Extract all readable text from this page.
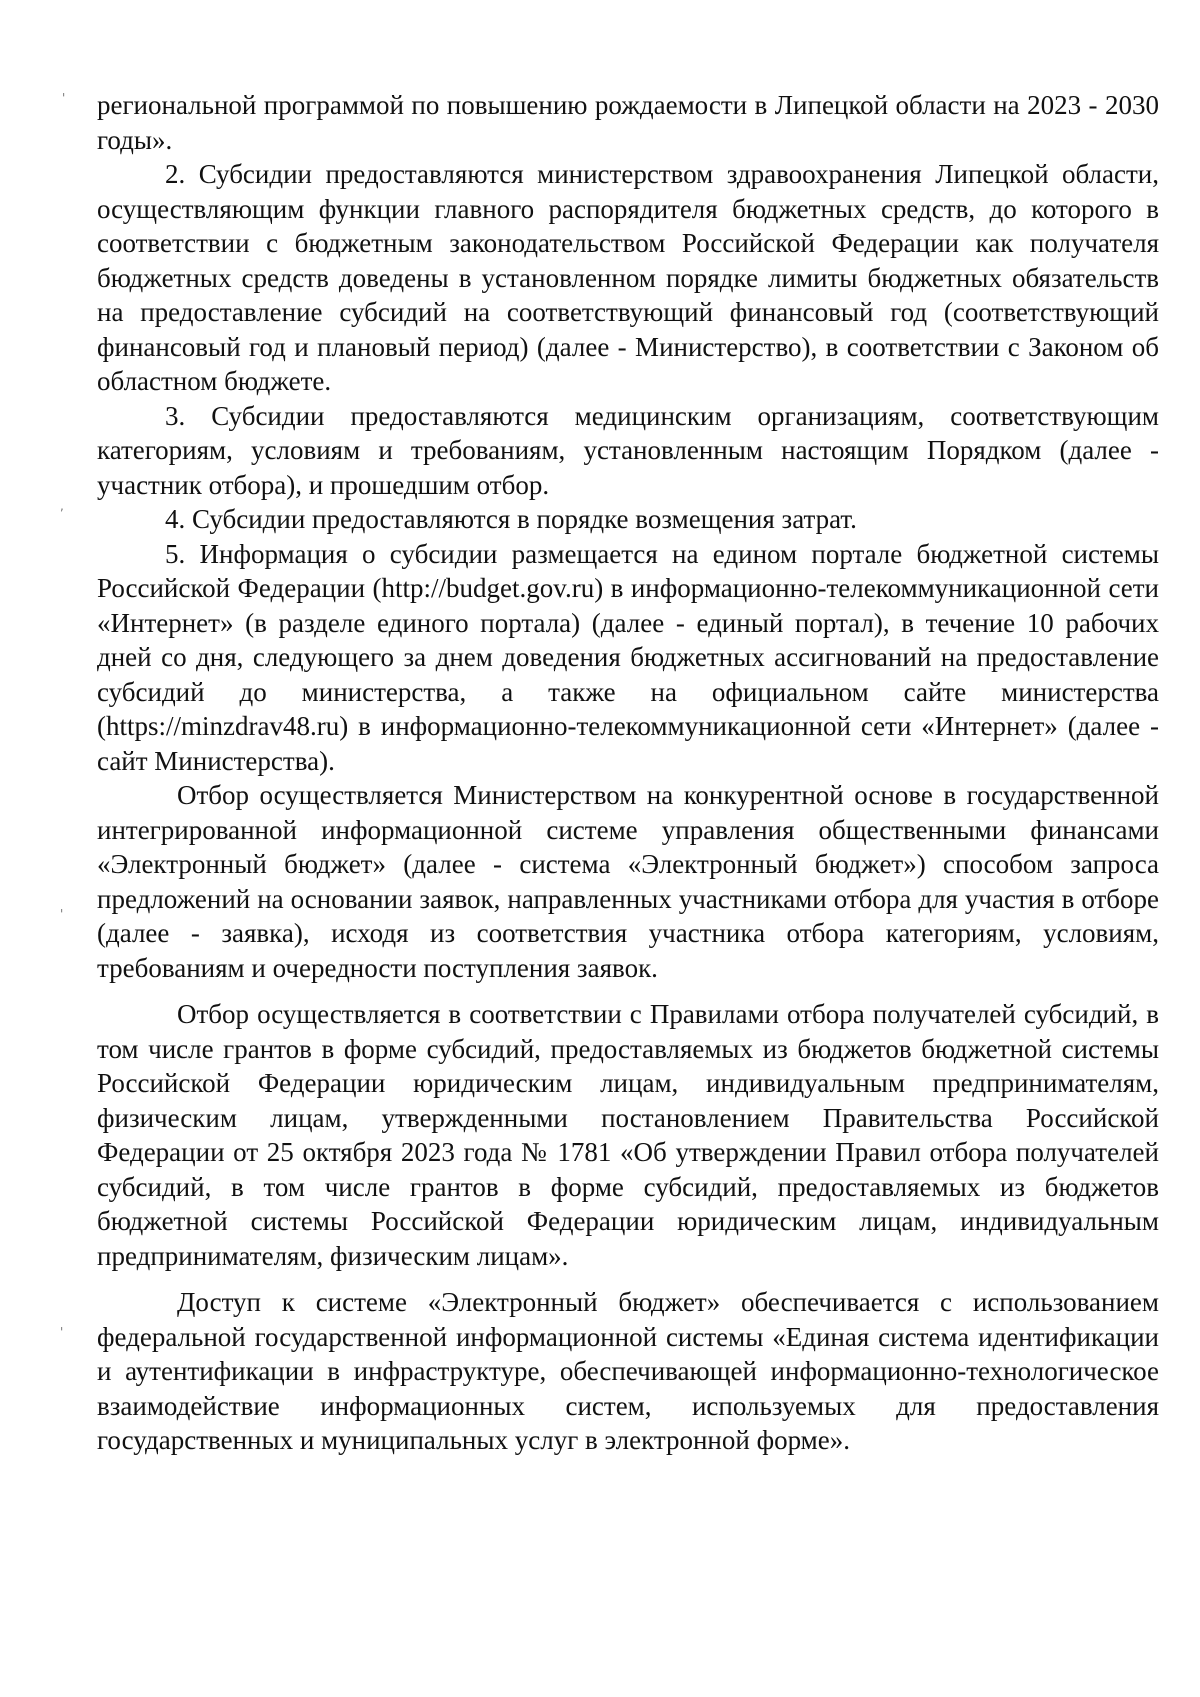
'
,
'
'

региональной программой по повышению рождаемости в Липецкой области на 2023 - 2030 годы».

2. Субсидии предоставляются министерством здравоохранения Липецкой области, осуществляющим функции главного распорядителя бюджетных средств, до которого в соответствии с бюджетным законодательством Российской Федерации как получателя бюджетных средств доведены в установленном порядке лимиты бюджетных обязательств на предоставление субсидий на соответствующий финансовый год (соответствующий финансовый год и плановый период) (далее - Министерство), в соответствии с Законом об областном бюджете.

3. Субсидии предоставляются медицинским организациям, соответствующим категориям, условиям и требованиям, установленным настоящим Порядком (далее - участник отбора), и прошедшим отбор.

4. Субсидии предоставляются в порядке возмещения затрат.

5. Информация о субсидии размещается на едином портале бюджетной системы Российской Федерации (http://budget.gov.ru) в информационно-телекоммуникационной сети «Интернет» (в разделе единого портала) (далее - единый портал), в течение 10 рабочих дней со дня, следующего за днем доведения бюджетных ассигнований на предоставление субсидий до министерства, а также на официальном сайте министерства (https://minzdrav48.ru) в информационно-телекоммуникационной сети «Интернет» (далее - сайт Министерства).

Отбор осуществляется Министерством на конкурентной основе в государственной интегрированной информационной системе управления общественными финансами «Электронный бюджет» (далее - система «Электронный бюджет») способом запроса предложений на основании заявок, направленных участниками отбора для участия в отборе (далее - заявка), исходя из соответствия участника отбора категориям, условиям, требованиям и очередности поступления заявок.

Отбор осуществляется в соответствии с Правилами отбора получателей субсидий, в том числе грантов в форме субсидий, предоставляемых из бюджетов бюджетной системы Российской Федерации юридическим лицам, индивидуальным предпринимателям, физическим лицам, утвержденными постановлением Правительства Российской Федерации от 25 октября 2023 года № 1781 «Об утверждении Правил отбора получателей субсидий, в том числе грантов в форме субсидий, предоставляемых из бюджетов бюджетной системы Российской Федерации юридическим лицам, индивидуальным предпринимателям, физическим лицам».

Доступ к системе «Электронный бюджет» обеспечивается с использованием федеральной государственной информационной системы «Единая система идентификации и аутентификации в инфраструктуре, обеспечивающей информационно-технологическое взаимодействие информационных систем, используемых для предоставления государственных и муниципальных услуг в электронной форме».
